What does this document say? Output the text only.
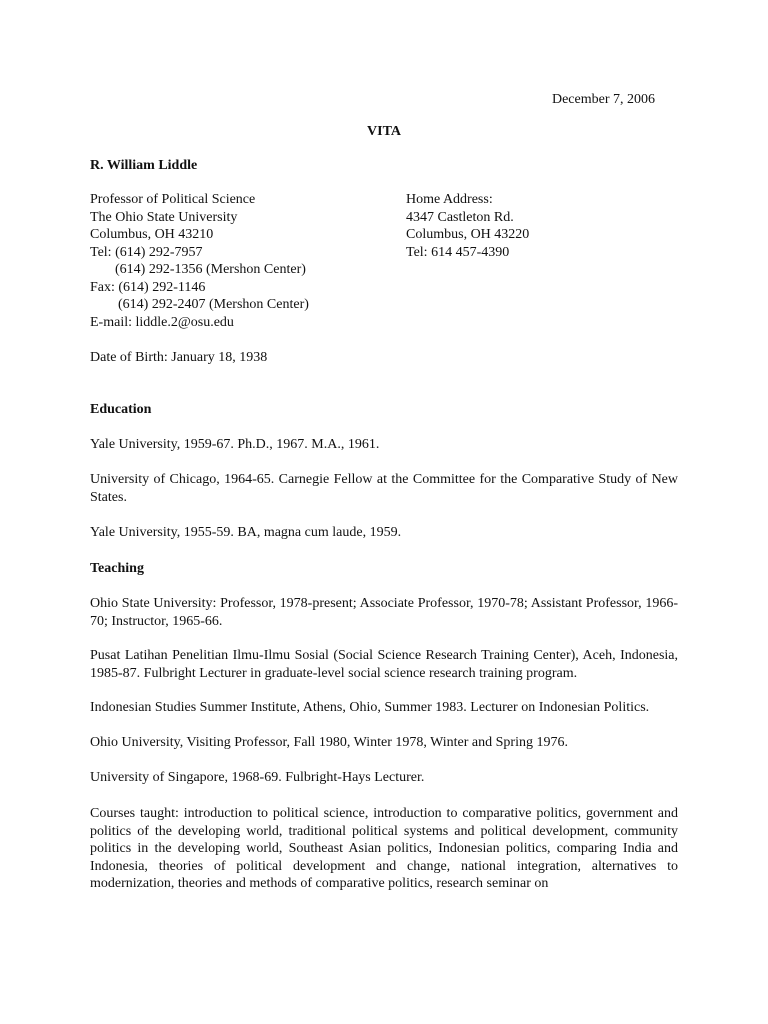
December 7, 2006
VITA
R. William Liddle
Professor of Political Science
The Ohio State University
Columbus, OH 43210
Tel: (614) 292-7957
(614) 292-1356 (Mershon Center)
Fax: (614) 292-1146
(614) 292-2407 (Mershon Center)
E-mail: liddle.2@osu.edu
Home Address:
4347 Castleton Rd.
Columbus, OH 43220
Tel: 614 457-4390
Date of Birth: January 18, 1938
Education
Yale University, 1959-67. Ph.D., 1967. M.A., 1961.
University of Chicago, 1964-65. Carnegie Fellow at the Committee for the Comparative Study of New States.
Yale University, 1955-59. BA, magna cum laude, 1959.
Teaching
Ohio State University: Professor, 1978-present; Associate Professor, 1970-78; Assistant Professor, 1966-70; Instructor, 1965-66.
Pusat Latihan Penelitian Ilmu-Ilmu Sosial (Social Science Research Training Center), Aceh, Indonesia, 1985-87. Fulbright Lecturer in graduate-level social science research training program.
Indonesian Studies Summer Institute, Athens, Ohio, Summer 1983. Lecturer on Indonesian Politics.
Ohio University, Visiting Professor, Fall 1980, Winter 1978, Winter and Spring 1976.
University of Singapore, 1968-69. Fulbright-Hays Lecturer.
Courses taught: introduction to political science, introduction to comparative politics, government and politics of the developing world, traditional political systems and political development, community politics in the developing world, Southeast Asian politics, Indonesian politics, comparing India and Indonesia, theories of political development and change, national integration, alternatives to modernization, theories and methods of comparative politics, research seminar on
